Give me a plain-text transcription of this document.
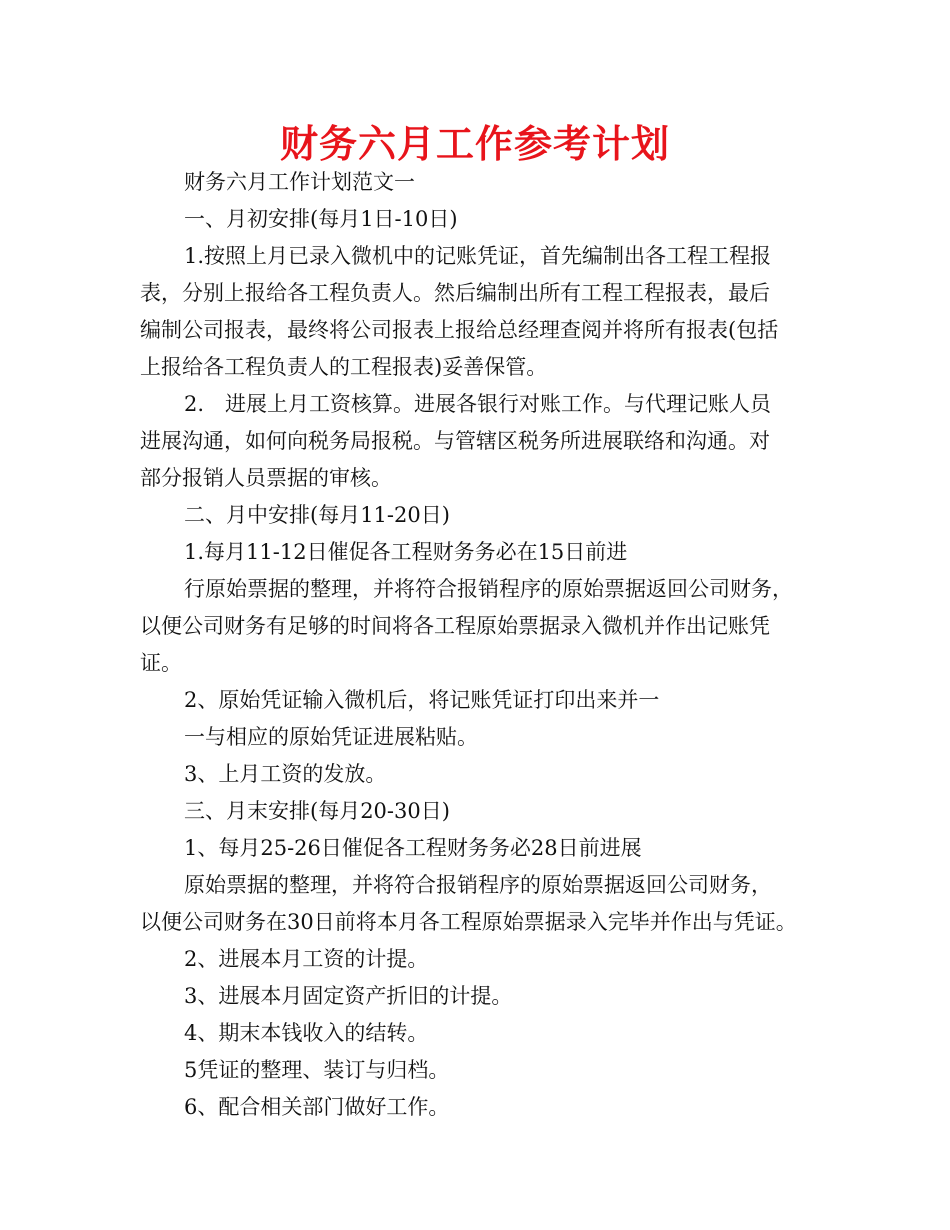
财务六月工作参考计划

财务六月工作计划范文一

一、月初安排(每月1日-10日)

1.按照上月已录入微机中的记账凭证，首先编制出各工程工程报

表，分别上报给各工程负责人。然后编制出所有工程工程报表，最后

编制公司报表，最终将公司报表上报给总经理查阅并将所有报表(包括

上报给各工程负责人的工程报表)妥善保管。

2.　进展上月工资核算。进展各银行对账工作。与代理记账人员

进展沟通，如何向税务局报税。与管辖区税务所进展联络和沟通。对

部分报销人员票据的审核。

二、月中安排(每月11-20日)

1.每月11-12日催促各工程财务务必在15日前进

行原始票据的整理，并将符合报销程序的原始票据返回公司财务，

以便公司财务有足够的时间将各工程原始票据录入微机并作出记账凭

证。

2、原始凭证输入微机后，将记账凭证打印出来并一

一与相应的原始凭证进展粘贴。

3、上月工资的发放。

三、月末安排(每月20-30日)

1、每月25-26日催促各工程财务务必28日前进展

原始票据的整理，并将符合报销程序的原始票据返回公司财务，

以便公司财务在30日前将本月各工程原始票据录入完毕并作出与凭证。

2、进展本月工资的计提。

3、进展本月固定资产折旧的计提。

4、期末本钱收入的结转。

5凭证的整理、装订与归档。

6、配合相关部门做好工作。
